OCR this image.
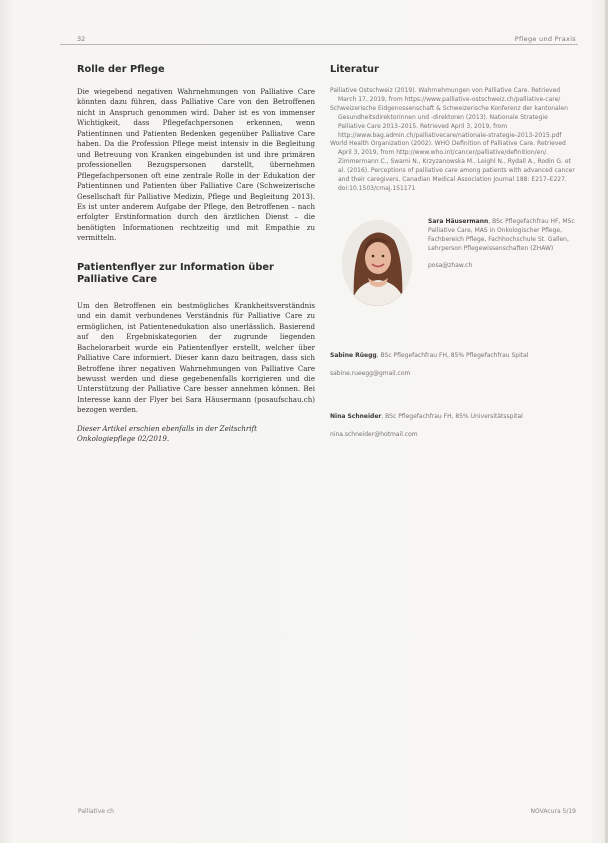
32	Pflege und Praxis
Rolle der Pflege

Die wiegebend negativen Wahrnehmungen von Palliative Care könnten dazu führen, dass Palliative Care von den Betroffenen nicht in Anspruch genommen wird. Daher ist es von immenser Wichtigkeit, dass Pflegefachpersonen erkennen, wenn Patientinnen und Patienten Bedenken gegenüber Palliative Care haben. Da die Profession Pflege meist intensiv in die Begleitung und Betreuung von Kranken eingebunden ist und ihre primären professionellen Bezugspersonen darstellt, übernehmen Pflegefachpersonen oft eine zentrale Rolle in der Edukation der Patientinnen und Patienten über Palliative Care (Schweizerische Gesellschaft für Palliative Medizin, Pflege und Begleitung 2013). Es ist unter anderem Aufgabe der Pflege, den Betroffenen – nach erfolgter Erstinformation durch den ärztlichen Dienst – die benötigten Informationen rechtzeitig und mit Empathie zu vermitteln.

Patientenflyer zur Information über Palliative Care

Um den Betroffenen ein bestmögliches Krankheitsverständnis und ein damit verbundenes Verständnis für Palliative Care zu ermöglichen, ist Patientenedukation also unerlässlich. Basierend auf den Ergebniskategorien der zugrunde liegenden Bachelorarbeit wurde ein Patientenflyer erstellt, welcher über Palliative Care informiert. Dieser kann dazu beitragen, dass sich Betroffene ihrer negativen Wahrnehmungen von Palliative Care bewusst werden und diese gegebenenfalls korrigieren und die Unterstützung der Palliative Care besser annehmen können. Bei Interesse kann der Flyer bei Sara Häusermann (posaufschau.ch) bezogen werden.

Dieser Artikel erschien ebenfalls in der Zeitschrift Onkologiepflege 02/2019.
Literatur
Palliative Ostschweiz (2019). Wahrnehmungen von Palliative Care. Retrieved March 17, 2019, from https://www.palliative-ostschweiz.ch/palliative-care/
Schweizerische Eidgenossenschaft & Schweizerische Konferenz der kantonalen Gesundheitsdirektorinnen und -direktoren (2013). Nationale Strategie Palliative Care 2013–2015. Retrieved April 3, 2019, from http://www.bag.admin.ch/palliativecare/nationale-strategie-2013-2015.pdf
World Health Organization (2002). WHO Definition of Palliative Care. Retrieved April 3, 2019, from http://www.who.int/cancer/palliative/definition/en/. Zimmermann C., Swami N., Krzyzanowska M., Leighl N., Rydall A., Rodin G. et al. (2016). Perceptions of palliative care among patients with advanced cancer and their caregivers. Canadian Medical Association Journal 188: E217–E227. doi:10.1503/cmaj.151171
Sara Häusermann, BSc Pflegefachfrau HF, MSc Palliative Care, MAS in Onkologischer Pflege, Fachbereich Pflege, Fachhochschule St. Gallen, Lehrperson Pflegewissenschaften (ZHAW)
posa@zhaw.ch
Sabine Rüegg, BSc Pflegefachfrau FH, 85% Pflegefachfrau Spital
sabine.rueegg@gmail.com
Nina Schneider, BSc Pflegefachfrau FH, 85% Universitätsspital
nina.schneider@hotmail.com
Palliative ch	NOVAcura 5/19
